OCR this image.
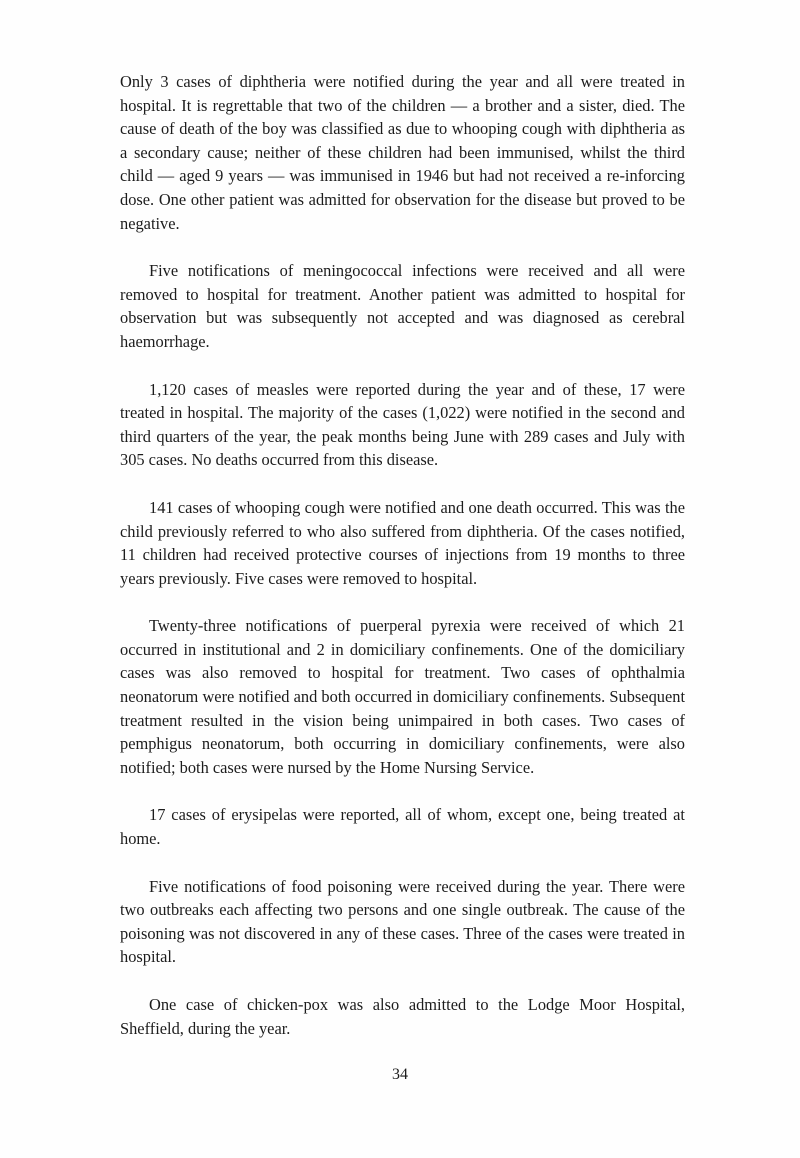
Only 3 cases of diphtheria were notified during the year and all were treated in hospital. It is regrettable that two of the children — a brother and a sister, died. The cause of death of the boy was classified as due to whooping cough with diphtheria as a secondary cause; neither of these children had been immunised, whilst the third child — aged 9 years — was immunised in 1946 but had not received a re-inforcing dose. One other patient was admitted for observation for the disease but proved to be negative.

Five notifications of meningococcal infections were received and all were removed to hospital for treatment. Another patient was admitted to hospital for observation but was subsequently not accepted and was diagnosed as cerebral haemorrhage.

1,120 cases of measles were reported during the year and of these, 17 were treated in hospital. The majority of the cases (1,022) were notified in the second and third quarters of the year, the peak months being June with 289 cases and July with 305 cases. No deaths occurred from this disease.

141 cases of whooping cough were notified and one death occurred. This was the child previously referred to who also suffered from diphtheria. Of the cases notified, 11 children had received protective courses of injections from 19 months to three years previously. Five cases were removed to hospital.

Twenty-three notifications of puerperal pyrexia were received of which 21 occurred in institutional and 2 in domiciliary confinements. One of the domiciliary cases was also removed to hospital for treatment. Two cases of ophthalmia neonatorum were notified and both occurred in domiciliary confinements. Subsequent treatment resulted in the vision being unimpaired in both cases. Two cases of pemphigus neonatorum, both occurring in domiciliary confinements, were also notified; both cases were nursed by the Home Nursing Service.

17 cases of erysipelas were reported, all of whom, except one, being treated at home.

Five notifications of food poisoning were received during the year. There were two outbreaks each affecting two persons and one single outbreak. The cause of the poisoning was not discovered in any of these cases. Three of the cases were treated in hospital.

One case of chicken-pox was also admitted to the Lodge Moor Hospital, Sheffield, during the year.

34
